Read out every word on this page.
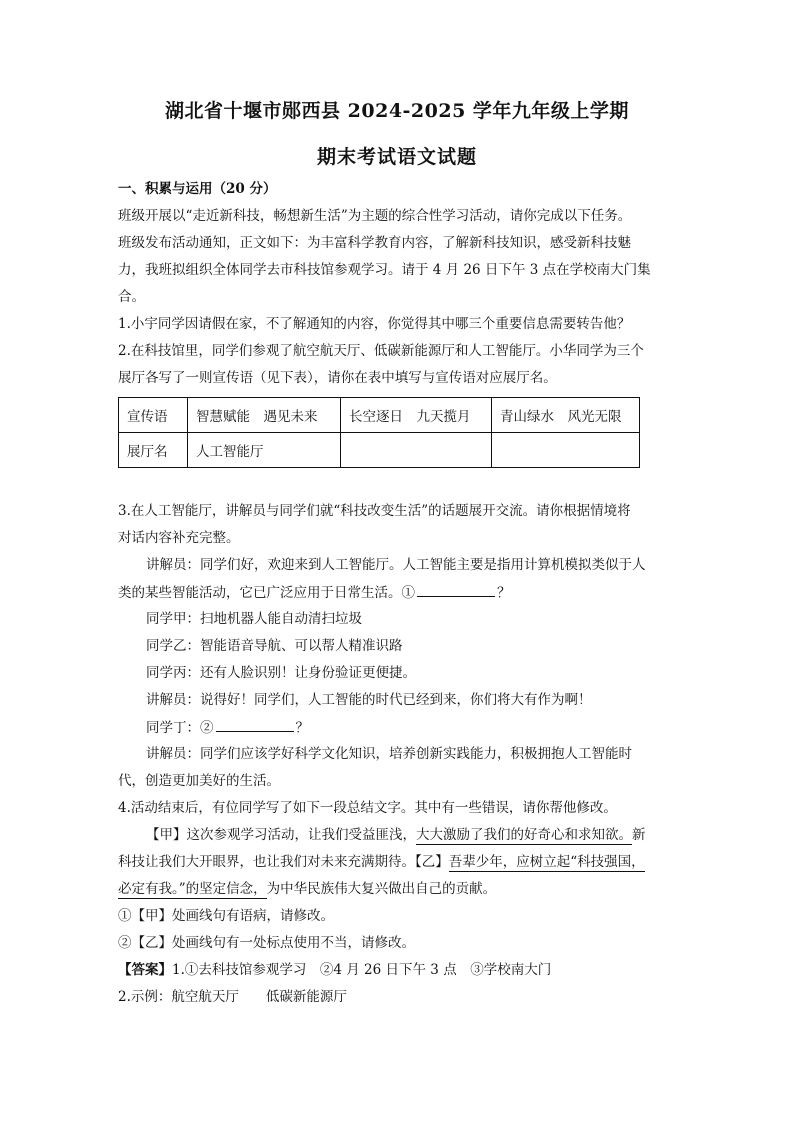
湖北省十堰市郧西县 2024-2025 学年九年级上学期
期末考试语文试题
一、积累与运用（20 分）
班级开展以“走近新科技，畅想新生活”为主题的综合性学习活动，请你完成以下任务。
班级发布活动通知，正文如下：为丰富科学教育内容，了解新科技知识，感受新科技魅
力，我班拟组织全体同学去市科技馆参观学习。请于 4 月 26 日下午 3 点在学校南大门集
合。
1.小宇同学因请假在家，不了解通知的内容，你觉得其中哪三个重要信息需要转告他？
2.在科技馆里，同学们参观了航空航天厅、低碳新能源厅和人工智能厅。小华同学为三个
展厅各写了一则宣传语（见下表），请你在表中填写与宣传语对应展厅名。
宣传语	智慧赋能　遇见未来	长空逐日　九天揽月	青山绿水　风光无限
展厅名	人工智能厅		
3.在人工智能厅，讲解员与同学们就“科技改变生活”的话题展开交流。请你根据情境将
对话内容补充完整。
讲解员：同学们好，欢迎来到人工智能厅。人工智能主要是指用计算机模拟类似于人
类的某些智能活动，它已广泛应用于日常生活。①	？
同学甲：扫地机器人能自动清扫垃圾
同学乙：智能语音导航、可以帮人精准识路
同学丙：还有人脸识别！让身份验证更便捷。
讲解员：说得好！同学们，人工智能的时代已经到来，你们将大有作为啊！
同学丁：②	？
讲解员：同学们应该学好科学文化知识，培养创新实践能力，积极拥抱人工智能时
代，创造更加美好的生活。
4.活动结束后，有位同学写了如下一段总结文字。其中有一些错误，请你帮他修改。
【甲】这次参观学习活动，让我们受益匪浅，大大激励了我们的好奇心和求知欲。新
科技让我们大开眼界，也让我们对未来充满期待。【乙】吾辈少年，应树立起“科技强国，
必定有我。”的坚定信念，为中华民族伟大复兴做出自己的贡献。
①【甲】处画线句有语病，请修改。
②【乙】处画线句有一处标点使用不当，请修改。
【答案】1.①去科技馆参观学习　②4 月 26 日下午 3 点　③学校南大门
2.示例：航空航天厅　　低碳新能源厅
